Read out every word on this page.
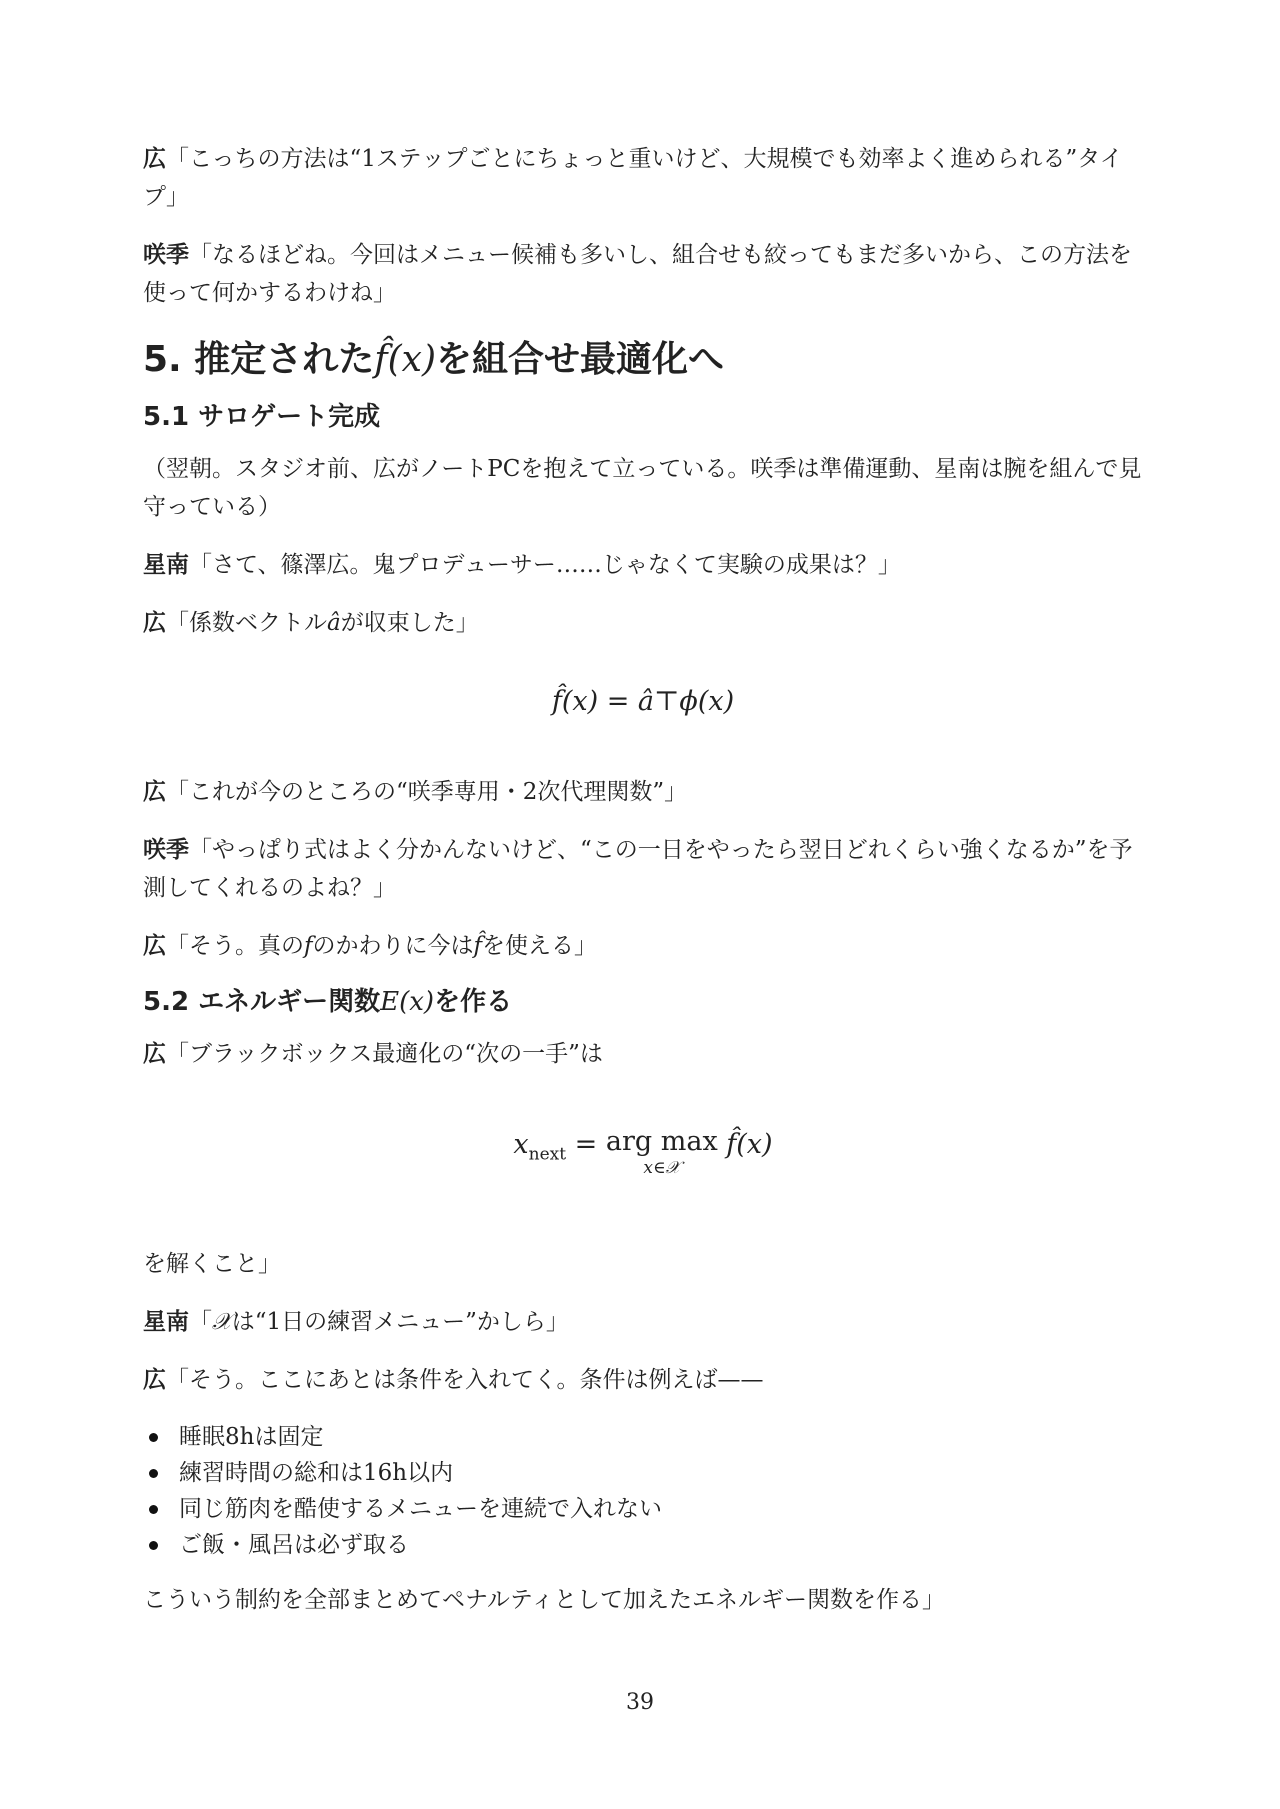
広「こっちの方法は“1ステップごとにちょっと重いけど、大規模でも効率よく進められる”タイプ」

咲季「なるほどね。今回はメニュー候補も多いし、組合せも絞ってもまだ多いから、この方法を使って何かするわけね」

5. 推定されたf̂(x)を組合せ最適化へ
5.1 サロゲート完成

（翌朝。スタジオ前、広がノートPCを抱えて立っている。咲季は準備運動、星南は腕を組んで見守っている）

星南「さて、篠澤広。鬼プロデューサー……じゃなくて実験の成果は？」

広「係数ベクトルâが収束した」

f̂(x) = â⊤ϕ(x)

広「これが今のところの“咲季専用・2次代理関数”」

咲季「やっぱり式はよく分かんないけど、“この一日をやったら翌日どれくらい強くなるか”を予測してくれるのよね？」

広「そう。真のfのかわりに今はf̂を使える」

5.2 エネルギー関数E(x)を作る

広「ブラックボックス最適化の“次の一手”は

$x_{next}$ = arg max
x∈𝒳
f̂(x)

を解くこと」

星南「𝒳は“1日の練習メニュー”かしら」

広「そう。ここにあとは条件を入れてく。条件は例えば——

睡眠8hは固定
練習時間の総和は16h以内
同じ筋肉を酷使するメニューを連続で入れない
ご飯・風呂は必ず取る

こういう制約を全部まとめてペナルティとして加えたエネルギー関数を作る」

39
